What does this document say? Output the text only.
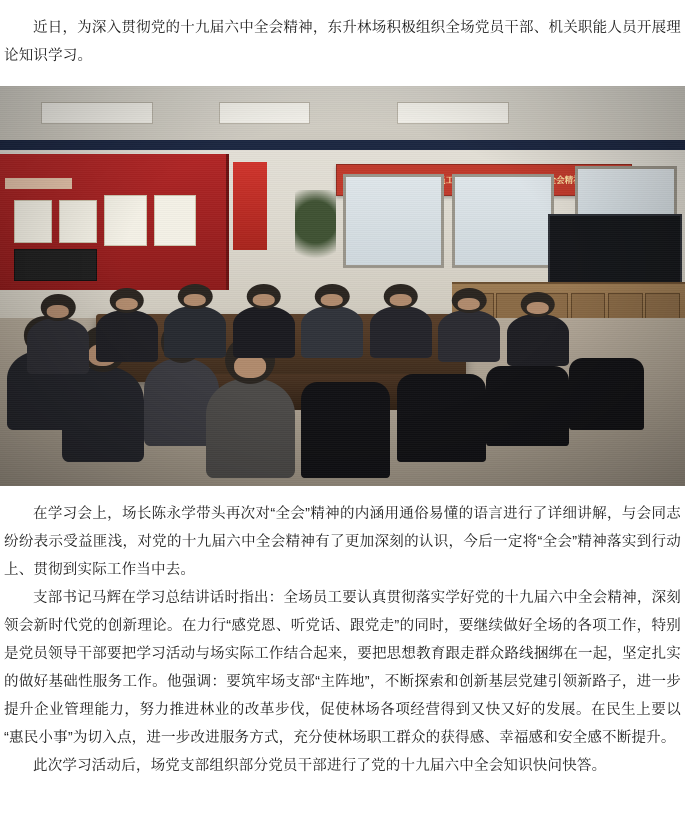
近日，为深入贯彻党的十九届六中全会精神，东升林场积极组织全场党员干部、机关职能人员开展理论知识学习。

在学习会上，场长陈永学带头再次对“全会”精神的内涵用通俗易懂的语言进行了详细讲解，与会同志纷纷表示受益匪浅，对党的十九届六中全会精神有了更加深刻的认识，今后一定将“全会”精神落实到行动上、贯彻到实际工作当中去。

支部书记马辉在学习总结讲话时指出：全场员工要认真贯彻落实学好党的十九届六中全会精神，深刻领会新时代党的创新理论。在力行“感党恩、听党话、跟党走”的同时，要继续做好全场的各项工作，特别是党员领导干部要把学习活动与场实际工作结合起来，要把思想教育跟走群众路线捆绑在一起，坚定扎实的做好基础性服务工作。他强调：要筑牢场支部“主阵地”，不断探索和创新基层党建引领新路子，进一步提升企业管理能力，努力推进林业的改革步伐，促使林场各项经营得到又快又好的发展。在民生上要以“惠民小事”为切入点，进一步改进服务方式，充分使林场职工群众的获得感、幸福感和安全感不断提升。

此次学习活动后，场党支部组织部分党员干部进行了党的十九届六中全会知识快问快答。
